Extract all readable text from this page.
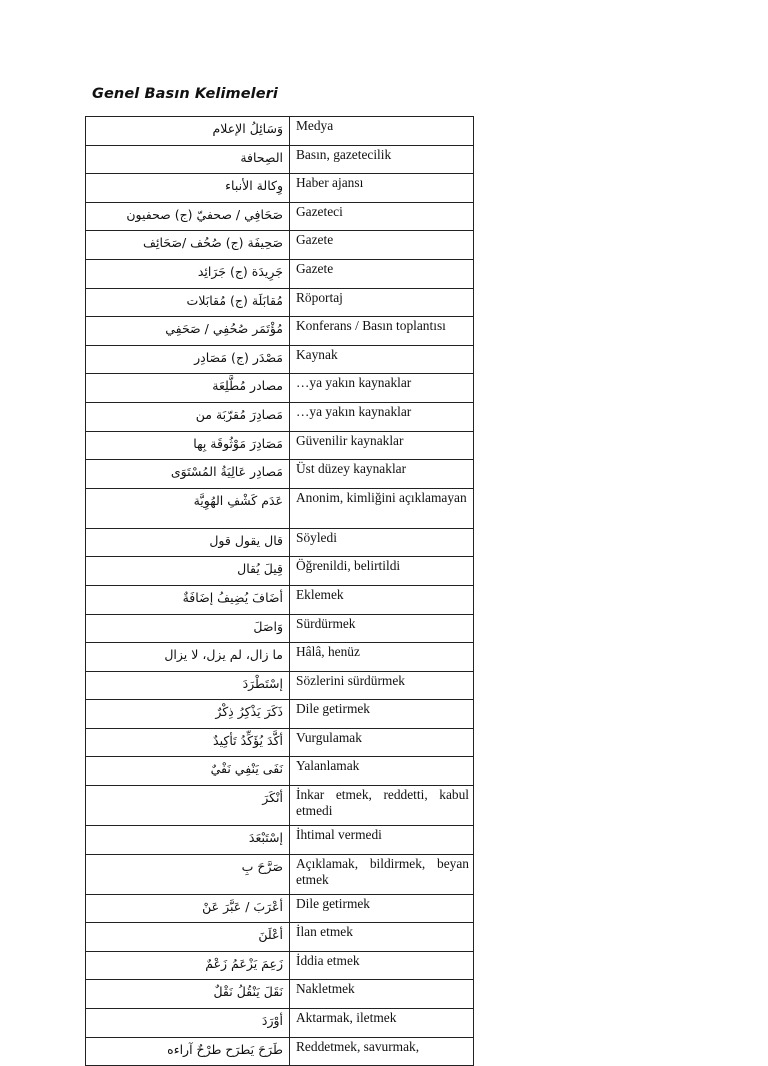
Genel Basın Kelimeleri
وَسَائِلُ الإعلام	Medya
الصِحافة	Basın, gazetecilik
وِكالة الأنباء	Haber ajansı
صَحَافِي / صحفيّ (ج) صحفيون	Gazeteci
صَحِيفَة (ج) صُحُف /صَحَائِف	Gazete
جَرِيدَة (ج) جَرَائِد	Gazete
مُقابَلَة (ج) مُقابَلات	Röportaj
مُؤْتَمَر صُحُفِي / صَحَفِي	Konferans / Basın toplantısı
مَصْدَر (ج) مَصَادِر	Kaynak
مصادر مُطَّلِعَة	…ya yakın kaynaklar
مَصادِرَ مُقرّبَة من	…ya yakın kaynaklar
مَصَادِرَ مَوْثُوقَة بِها	Güvenilir kaynaklar
مَصادِر عَالِيَةُ المُسْتَوَى	Üst düzey kaynaklar
عَدَم كَشْفِ الهُوِيَّة	Anonim, kimliğini açıklamayan
قال يقول قول	Söyledi
قِيلَ يُقال	Öğrenildi, belirtildi
أضَافَ يُضِيفُ إضَافَةٌ	Eklemek
وَاصَلَ	Sürdürmek
ما زال، لم يزل، لا يزال	Hâlâ, henüz
إسْتَطْرَدَ	Sözlerini sürdürmek
ذَكَرَ يَذْكِرُ ذِكْرٌ	Dile getirmek
أكَّدَ يُؤَكِّدُ تَأكِيدٌ	Vurgulamak
نَفَى يَنْفِي نَفْيٌ	Yalanlamak
أنْكَرَ	İnkar etmek, reddetti, kabul etmedi
إسْتَبْعَدَ	İhtimal vermedi
صَرَّحَ بِ	Açıklamak, bildirmek, beyan etmek
أعْرَبَ / عَبَّرَ عَنْ	Dile getirmek
أعْلَنَ	İlan etmek
زَعِمَ يَزْعَمُ زَعْمٌ	İddia etmek
نَقَلَ يَنْقُلُ نَقْلٌ	Nakletmek
أوْرَدَ	Aktarmak, iletmek
طَرَحَ يَطرَح طرْحٌ آراءه	Reddetmek, savurmak,
